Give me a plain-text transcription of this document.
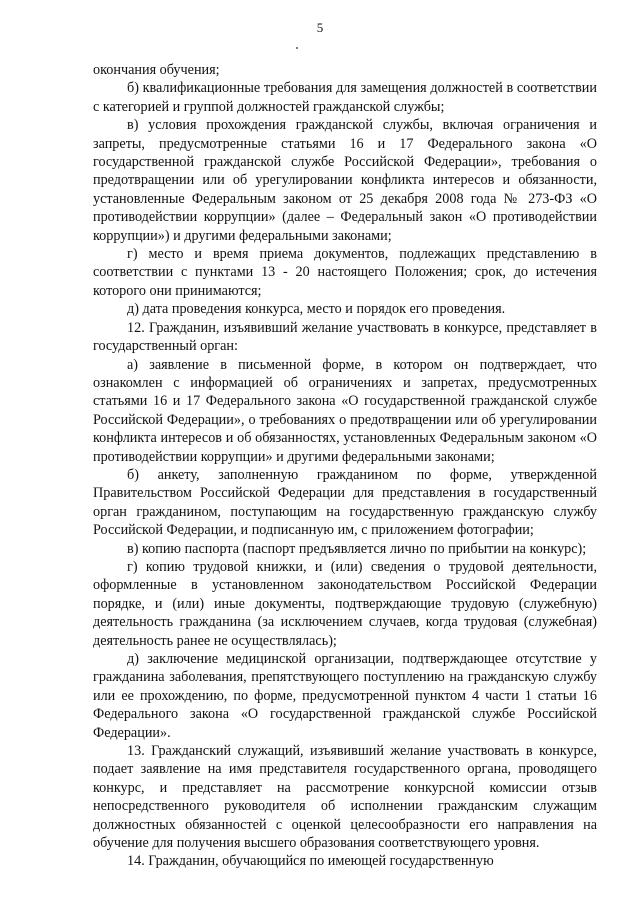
5

окончания обучения;

б) квалификационные требования для замещения должностей в соответствии с категорией и группой должностей гражданской службы;

в) условия прохождения гражданской службы, включая ограничения и запреты, предусмотренные статьями 16 и 17 Федерального закона «О государственной гражданской службе Российской Федерации», требования о предотвращении или об урегулировании конфликта интересов и обязанности, установленные Федеральным законом от 25 декабря 2008 года № 273-ФЗ «О противодействии коррупции» (далее – Федеральный закон «О противодействии коррупции») и другими федеральными законами;

г) место и время приема документов, подлежащих представлению в соответствии с пунктами 13 - 20 настоящего Положения; срок, до истечения которого они принимаются;

д) дата проведения конкурса, место и порядок его проведения.

12. Гражданин, изъявивший желание участвовать в конкурсе, представляет в государственный орган:

а) заявление в письменной форме, в котором он подтверждает, что ознакомлен с информацией об ограничениях и запретах, предусмотренных статьями 16 и 17 Федерального закона «О государственной гражданской службе Российской Федерации», о требованиях о предотвращении или об урегулировании конфликта интересов и об обязанностях, установленных Федеральным законом «О противодействии коррупции» и другими федеральными законами;

б) анкету, заполненную гражданином по форме, утвержденной Правительством Российской Федерации для представления в государственный орган гражданином, поступающим на государственную гражданскую службу Российской Федерации, и подписанную им, с приложением фотографии;

в) копию паспорта (паспорт предъявляется лично по прибытии на конкурс);

г) копию трудовой книжки, и (или) сведения о трудовой деятельности, оформленные в установленном законодательством Российской Федерации порядке, и (или) иные документы, подтверждающие трудовую (служебную) деятельность гражданина (за исключением случаев, когда трудовая (служебная) деятельность ранее не осуществлялась);

д) заключение медицинской организации, подтверждающее отсутствие у гражданина заболевания, препятствующего поступлению на гражданскую службу или ее прохождению, по форме, предусмотренной пунктом 4 части 1 статьи 16 Федерального закона «О государственной гражданской службе Российской Федерации».

13. Гражданский служащий, изъявивший желание участвовать в конкурсе, подает заявление на имя представителя государственного органа, проводящего конкурс, и представляет на рассмотрение конкурсной комиссии отзыв непосредственного руководителя об исполнении гражданским служащим должностных обязанностей с оценкой целесообразности его направления на обучение для получения высшего образования соответствующего уровня.

14. Гражданин, обучающийся по имеющей государственную
